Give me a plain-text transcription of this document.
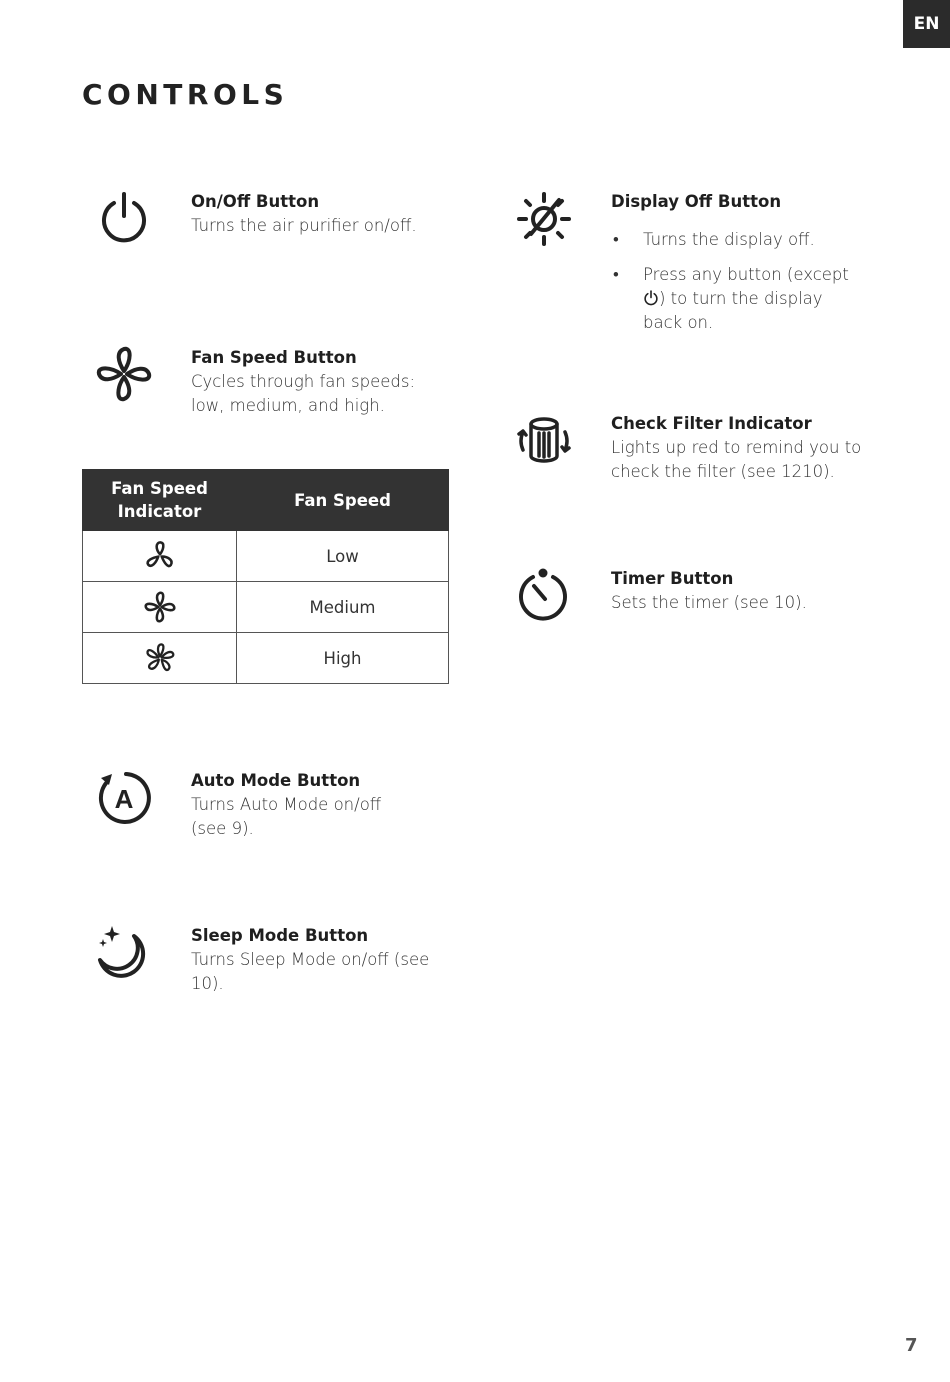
EN
CONTROLS
On/Off Button
Turns the air purifier on/off.
Fan Speed Button
Cycles through fan speeds:
low, medium, and high.
Fan Speed
Indicator	Fan Speed

	Low

	Medium

	High
A
Auto Mode Button
Turns Auto Mode on/off
(see 9).
Sleep Mode Button
Turns Sleep Mode on/off (see
10).
Display Off Button
• Turns the display off.
• Press any button (except
) to turn the display
back on.
Check Filter Indicator
Lights up red to remind you to
check the filter (see 1210).
Timer Button
Sets the timer (see 10).
7
